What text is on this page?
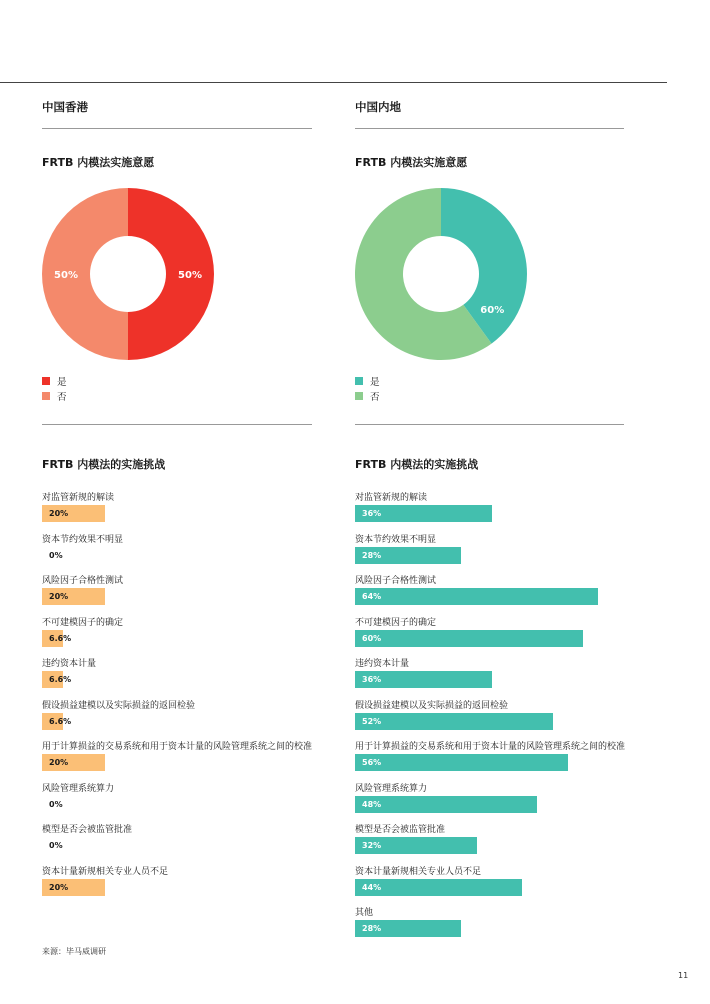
中国香港	中国内地
FRTB 内模法实施意愿	FRTB 内模法实施意愿
50%
50%
60%
是
否
是
否
FRTB 内模法的实施挑战	FRTB 内模法的实施挑战
对监管新规的解读
20%
资本节约效果不明显
0%
风险因子合格性测试
20%
不可建模因子的确定
6.6%
违约资本计量
6.6%
假设损益建模以及实际损益的返回检验
6.6%
用于计算损益的交易系统和用于资本计量的风险管理系统之间的校准
20%
风险管理系统算力
0%
模型是否会被监管批准
0%
资本计量新规相关专业人员不足
20%
对监管新规的解读
36%
资本节约效果不明显
28%
风险因子合格性测试
64%
不可建模因子的确定
60%
违约资本计量
36%
假设损益建模以及实际损益的返回检验
52%
用于计算损益的交易系统和用于资本计量的风险管理系统之间的校准
56%
风险管理系统算力
48%
模型是否会被监管批准
32%
资本计量新规相关专业人员不足
44%
其他
28%
来源：毕马威调研
11
